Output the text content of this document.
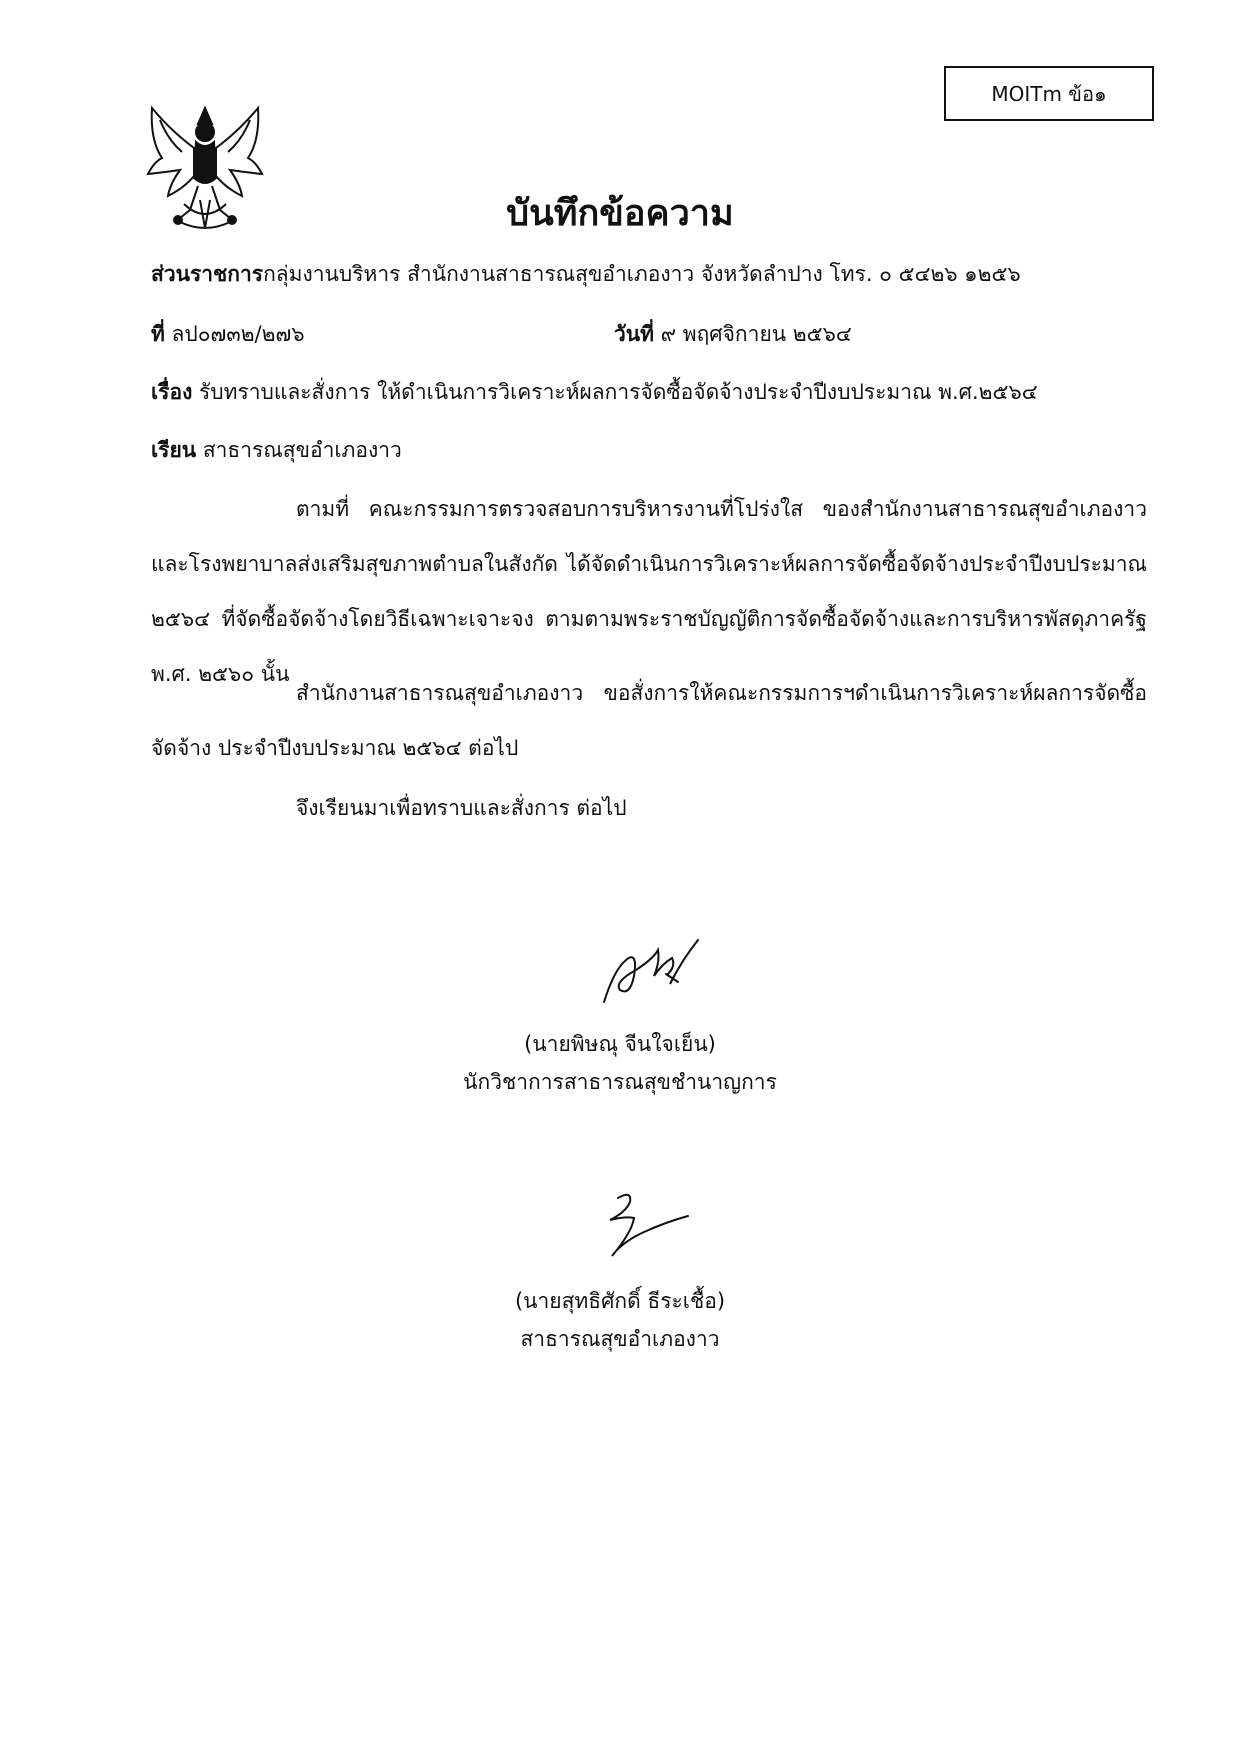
MOITm ข้อ๑
บันทึกข้อความ
ส่วนราชการกลุ่มงานบริหาร สำนักงานสาธารณสุขอำเภองาว จังหวัดลำปาง โทร. ๐ ๕๔๒๖ ๑๒๕๖
ที่ ลป๐๗๓๒/๒๗๖	วันที่ ๙ พฤศจิกายน ๒๕๖๔
เรื่อง รับทราบและสั่งการ ให้ดำเนินการวิเคราะห์ผลการจัดซื้อจัดจ้างประจำปีงบประมาณ พ.ศ.๒๕๖๔
เรียน สาธารณสุขอำเภองาว
ตามที่ คณะกรรมการตรวจสอบการบริหารงานที่โปร่งใส ของสำนักงานสาธารณสุขอำเภองาว และโรงพยาบาลส่งเสริมสุขภาพตำบลในสังกัด ได้จัดดำเนินการวิเคราะห์ผลการจัดซื้อจัดจ้างประจำปีงบประมาณ ๒๕๖๔ ที่จัดซื้อจัดจ้างโดยวิธีเฉพาะเจาะจง ตามตามพระราชบัญญัติการจัดซื้อจัดจ้างและการบริหารพัสดุภาครัฐ พ.ศ. ๒๕๖๐ นั้น
สำนักงานสาธารณสุขอำเภองาว ขอสั่งการให้คณะกรรมการฯดำเนินการวิเคราะห์ผลการจัดซื้อจัดจ้าง ประจำปีงบประมาณ ๒๕๖๔ ต่อไป
จึงเรียนมาเพื่อทราบและสั่งการ ต่อไป
(นายพิษณุ จีนใจเย็น)
นักวิชาการสาธารณสุขชำนาญการ
(นายสุทธิศักดิ์ ธีระเชื้อ)
สาธารณสุขอำเภองาว
